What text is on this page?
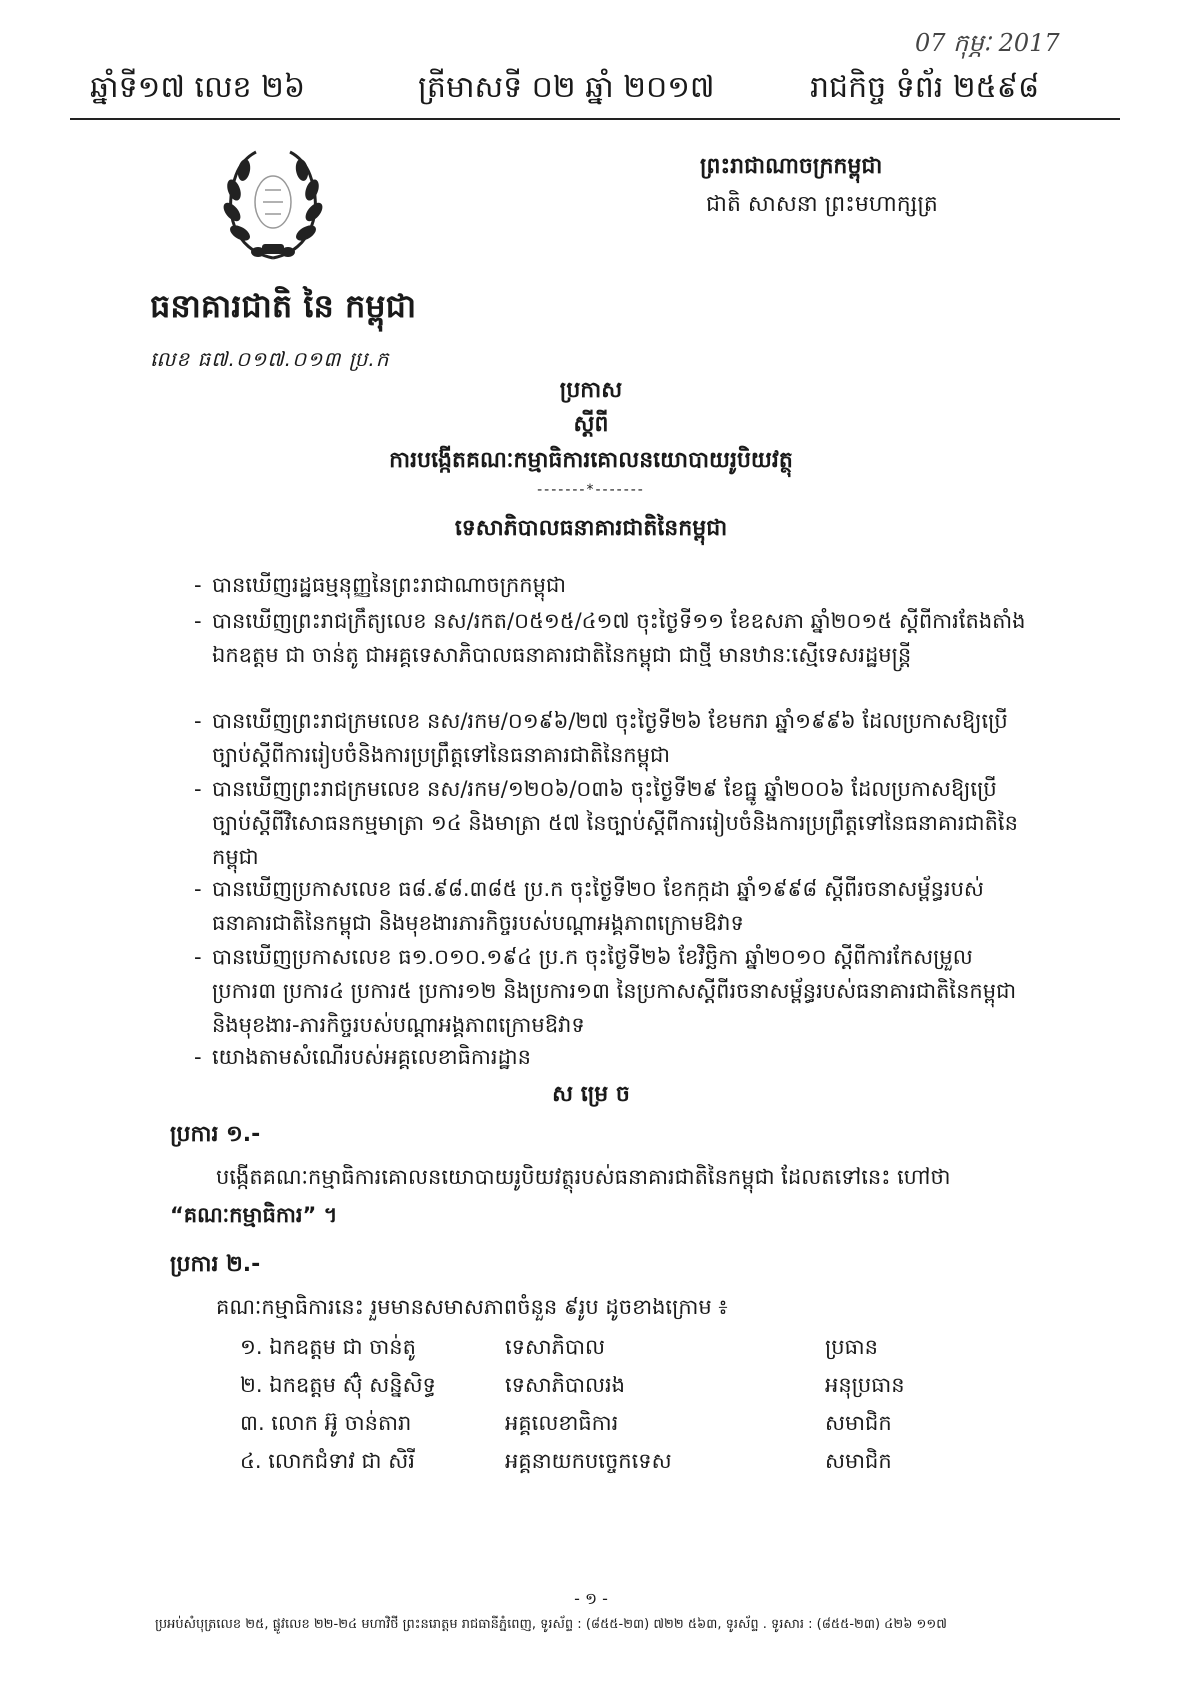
07 កុម្ភៈ 2017
ឆ្នាំទី១៧ លេខ ២៦	ត្រីមាសទី ០២ ឆ្នាំ ២០១៧	រាជកិច្ច ទំព័រ ២៥៩៨
ព្រះរាជាណាចក្រកម្ពុជា
ជាតិ សាសនា ព្រះមហាក្សត្រ
ធនាគារជាតិ នៃ កម្ពុជា
លេខ ធ៧.០១៧.០១៣ ប្រ.ក
ប្រកាស
ស្តីពី
ការបង្កើតគណៈកម្មាធិការគោលនយោបាយរូបិយវត្ថុ
-------*-------
ទេសាភិបាលធនាគារជាតិនៃកម្ពុជា
- បានឃើញរដ្ឋធម្មនុញ្ញនៃព្រះរាជាណាចក្រកម្ពុជា
- បានឃើញព្រះរាជក្រឹត្យលេខ នស/រកត/០៥១៥/៤១៧ ចុះថ្ងៃទី១១ ខែឧសភា ឆ្នាំ២០១៥ ស្តីពីការតែងតាំង ឯកឧត្តម ជា ចាន់តូ ជាអគ្គទេសាភិបាលធនាគារជាតិនៃកម្ពុជា ជាថ្មី មានឋានៈស្មើទេសរដ្ឋមន្ត្រី
- បានឃើញព្រះរាជក្រមលេខ នស/រកម/០១៩៦/២៧ ចុះថ្ងៃទី២៦ ខែមករា ឆ្នាំ១៩៩៦ ដែលប្រកាសឱ្យប្រើច្បាប់ស្តីពីការរៀបចំនិងការប្រព្រឹត្តទៅនៃធនាគារជាតិនៃកម្ពុជា
- បានឃើញព្រះរាជក្រមលេខ នស/រកម/១២០៦/០៣៦ ចុះថ្ងៃទី២៩ ខែធ្នូ ឆ្នាំ២០០៦ ដែលប្រកាសឱ្យប្រើច្បាប់ស្តីពីវិសោធនកម្មមាត្រា ១៤ និងមាត្រា ៥៧ នៃច្បាប់ស្តីពីការរៀបចំនិងការប្រព្រឹត្តទៅនៃធនាគារជាតិនៃកម្ពុជា
- បានឃើញប្រកាសលេខ ធ៨.៩៨.៣៨៥ ប្រ.ក ចុះថ្ងៃទី២០ ខែកក្កដា ឆ្នាំ១៩៩៨ ស្តីពីរចនាសម្ព័ន្ធរបស់ធនាគារជាតិនៃកម្ពុជា និងមុខងារភារកិច្ចរបស់បណ្តាអង្គភាពក្រោមឱវាទ
- បានឃើញប្រកាសលេខ ធ១.០១០.១៩៤ ប្រ.ក ចុះថ្ងៃទី២៦ ខែវិច្ឆិកា ឆ្នាំ២០១០ ស្តីពីការកែសម្រួលប្រការ៣ ប្រការ៤ ប្រការ៥ ប្រការ១២ និងប្រការ១៣ នៃប្រកាសស្តីពីរចនាសម្ព័ន្ធរបស់ធនាគារជាតិនៃកម្ពុជា និងមុខងារ-ភារកិច្ចរបស់បណ្តាអង្គភាពក្រោមឱវាទ
- យោងតាមសំណើរបស់អគ្គលេខាធិការដ្ឋាន
ស ម្រេ ច
ប្រការ ១.-
បង្កើតគណៈកម្មាធិការគោលនយោបាយរូបិយវត្ថុរបស់ធនាគារជាតិនៃកម្ពុជា ដែលតទៅនេះ ហៅថា
“គណៈកម្មាធិការ” ។
ប្រការ ២.-
គណៈកម្មាធិការនេះ រួមមានសមាសភាពចំនួន ៩រូប ដូចខាងក្រោម ៖
១. ឯកឧត្តម ជា ចាន់តូ	ទេសាភិបាល	ប្រធាន
២. ឯកឧត្តម ស៊ុំ សន្និសិទ្ធ	ទេសាភិបាលរង	អនុប្រធាន
៣. លោក អ៊ូ ចាន់តារា	អគ្គលេខាធិការ	សមាជិក
៤. លោកជំទាវ ជា សិរី	អគ្គនាយកបច្ចេកទេស	សមាជិក
- ១ -
ប្រអប់សំបុត្រលេខ ២៥, ផ្លូវលេខ ២២-២៤ មហាវិថី ព្រះនរោត្តម រាជធានីភ្នំពេញ, ទូរស័ព្ទ : (៨៥៥-២៣) ៧២២ ៥៦៣, ទូរស័ព្ទ . ទូរសារ : (៨៥៥-២៣) ៤២៦ ១១៧
